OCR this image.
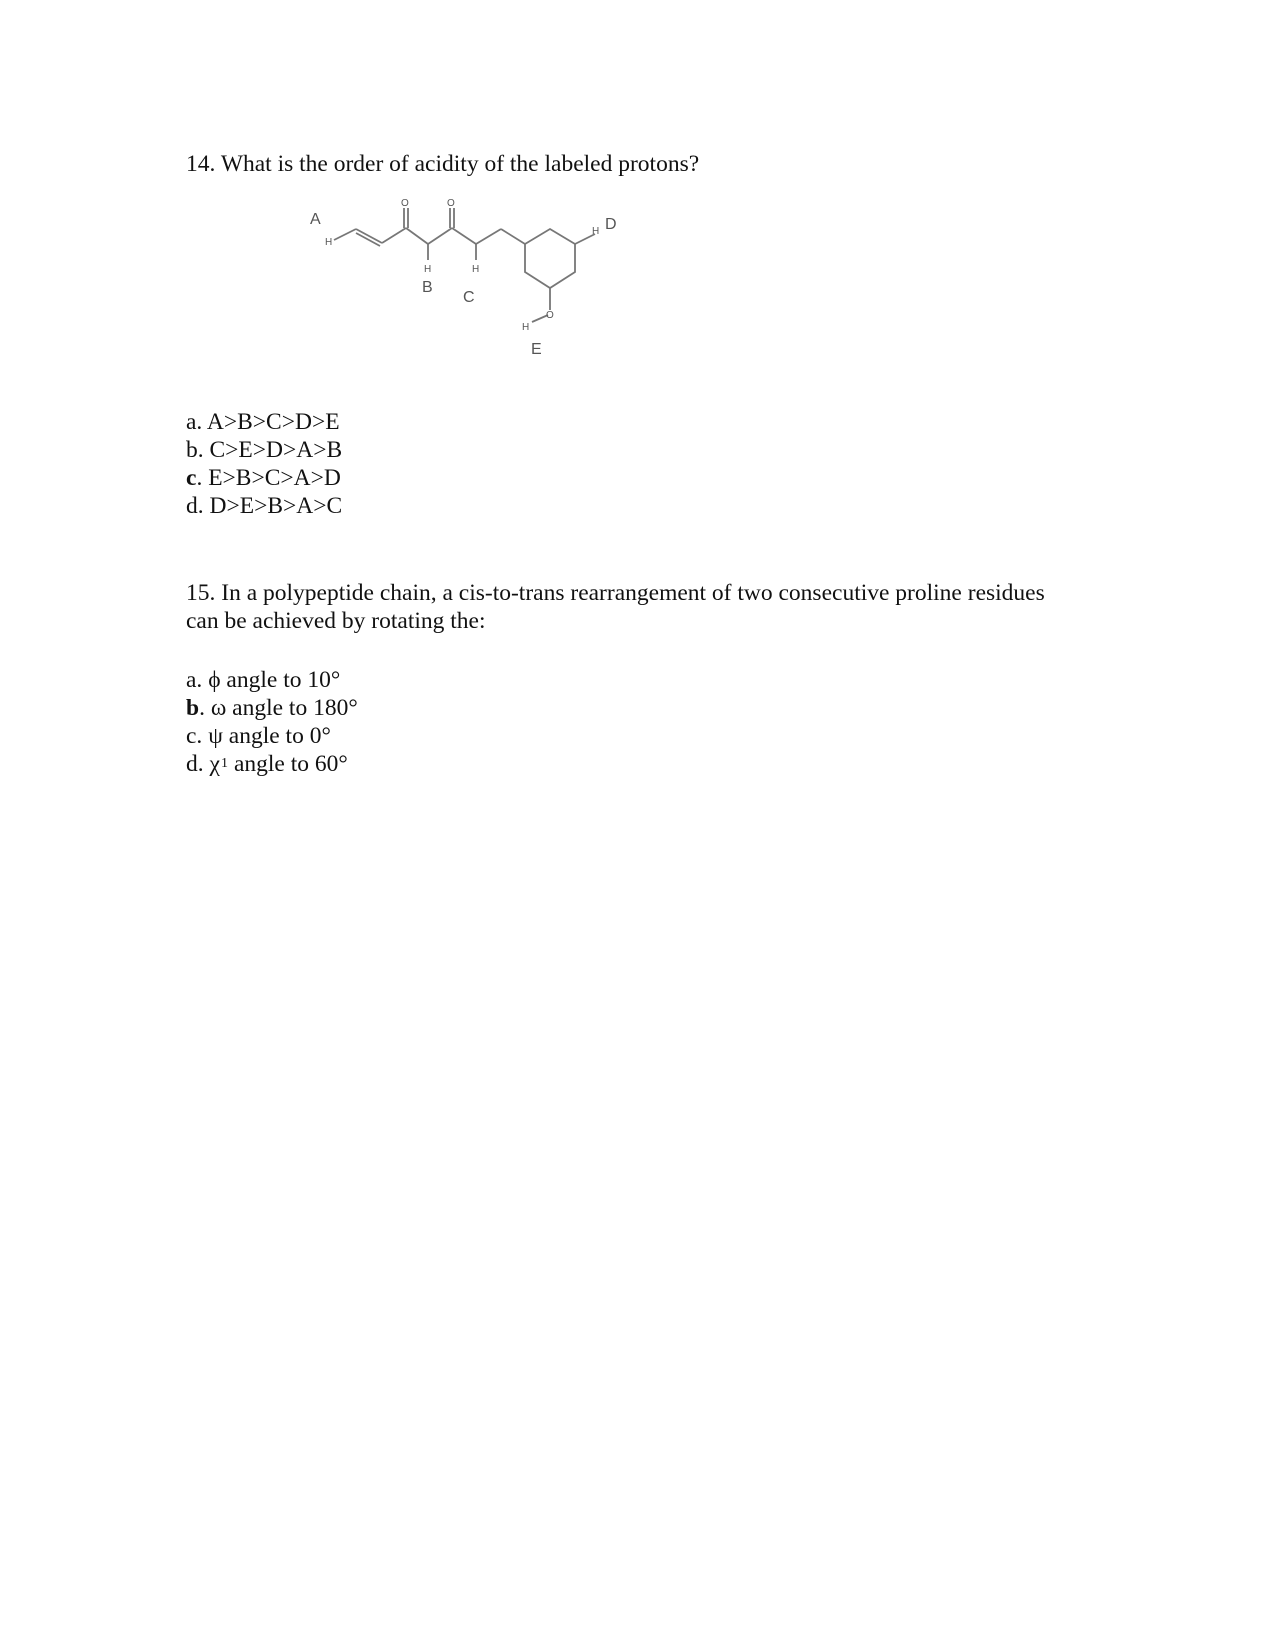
14. What is the order of acidity of the labeled protons?
A
H
O	O
H
B
H
C
H D
O
H
E
a. A>B>C>D>E
b. C>E>D>A>B
c. E>B>C>A>D
d. D>E>B>A>C
15. In a polypeptide chain, a cis-to-trans rearrangement of two consecutive proline residues can be achieved by rotating the:
a. ϕ angle to 10°
b. ω angle to 180°
c. ψ angle to 0°
d. $\chi^1$ angle to 60°
